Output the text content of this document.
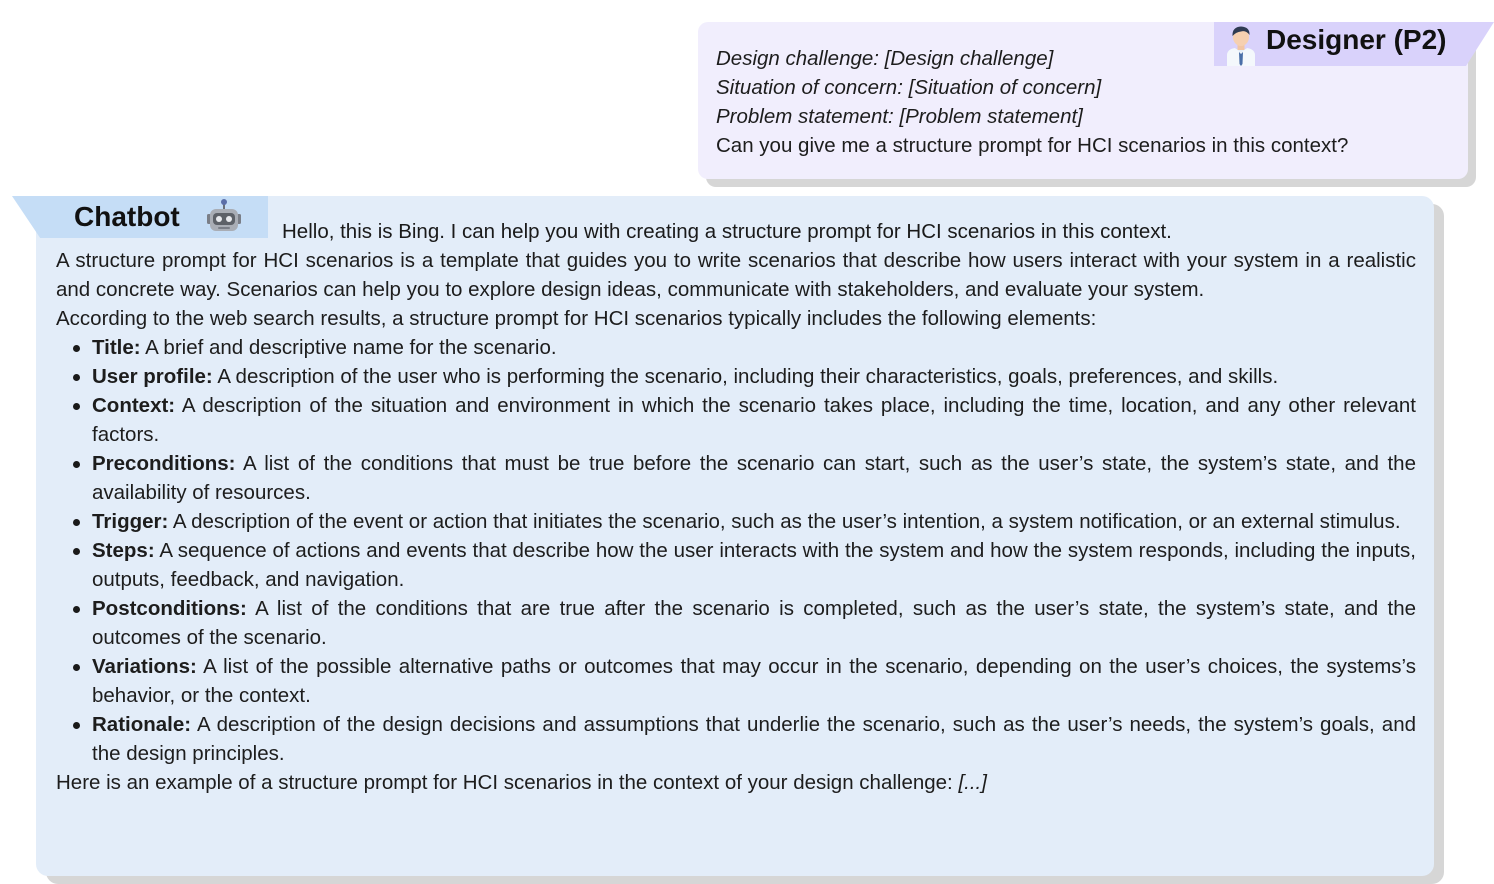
Design challenge: [Design challenge]
Situation of concern: [Situation of concern]
Problem statement: [Problem statement]
Can you give me a structure prompt for HCI scenarios in this context?
Designer (P2)
Chatbot	Hello, this is Bing. I can help you with creating a structure prompt for HCI scenarios in this context.

A structure prompt for HCI scenarios is a template that guides you to write scenarios that describe how users interact with your system in a realistic and concrete way. Scenarios can help you to explore design ideas, communicate with stakeholders, and evaluate your system.

According to the web search results, a structure prompt for HCI scenarios typically includes the following elements:

Title: A brief and descriptive name for the scenario.
User profile: A description of the user who is performing the scenario, including their characteristics, goals, preferences, and skills.
Context: A description of the situation and environment in which the scenario takes place, including the time, location, and any other relevant factors.
Preconditions: A list of the conditions that must be true before the scenario can start, such as the user’s state, the system’s state, and the availability of resources.
Trigger: A description of the event or action that initiates the scenario, such as the user’s intention, a system notification, or an external stimulus.
Steps: A sequence of actions and events that describe how the user interacts with the system and how the system responds, including the inputs, outputs, feedback, and navigation.
Postconditions: A list of the conditions that are true after the scenario is completed, such as the user’s state, the system’s state, and the outcomes of the scenario.
Variations: A list of the possible alternative paths or outcomes that may occur in the scenario, depending on the user’s choices, the systems’s behavior, or the context.
Rationale: A description of the design decisions and assumptions that underlie the scenario, such as the user’s needs, the system’s goals, and the design principles.

Here is an example of a structure prompt for HCI scenarios in the context of your design challenge: [...]
